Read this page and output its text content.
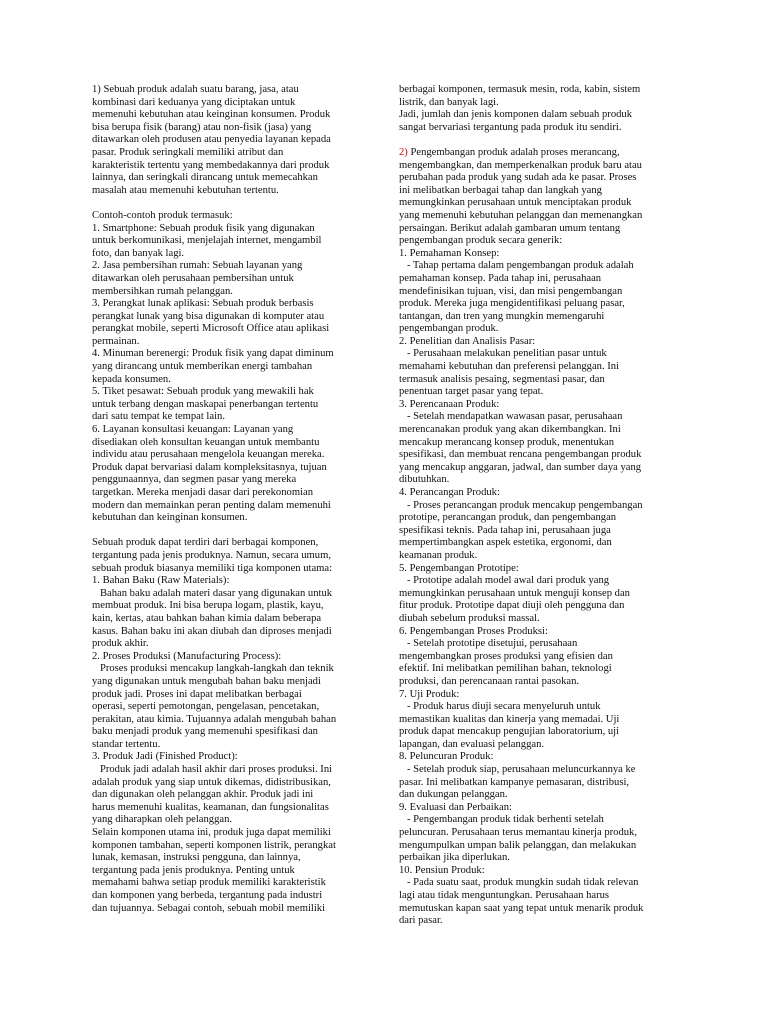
1) Sebuah produk adalah suatu barang, jasa, atau
kombinasi dari keduanya yang diciptakan untuk
memenuhi kebutuhan atau keinginan konsumen. Produk
bisa berupa fisik (barang) atau non-fisik (jasa) yang
ditawarkan oleh produsen atau penyedia layanan kepada
pasar. Produk seringkali memiliki atribut dan
karakteristik tertentu yang membedakannya dari produk
lainnya, dan seringkali dirancang untuk memecahkan
masalah atau memenuhi kebutuhan tertentu.
Contoh-contoh produk termasuk:
1. Smartphone: Sebuah produk fisik yang digunakan
untuk berkomunikasi, menjelajah internet, mengambil
foto, dan banyak lagi.
2. Jasa pembersihan rumah: Sebuah layanan yang
ditawarkan oleh perusahaan pembersihan untuk
membersihkan rumah pelanggan.
3. Perangkat lunak aplikasi: Sebuah produk berbasis
perangkat lunak yang bisa digunakan di komputer atau
perangkat mobile, seperti Microsoft Office atau aplikasi
permainan.
4. Minuman berenergi: Produk fisik yang dapat diminum
yang dirancang untuk memberikan energi tambahan
kepada konsumen.
5. Tiket pesawat: Sebuah produk yang mewakili hak
untuk terbang dengan maskapai penerbangan tertentu
dari satu tempat ke tempat lain.
6. Layanan konsultasi keuangan: Layanan yang
disediakan oleh konsultan keuangan untuk membantu
individu atau perusahaan mengelola keuangan mereka.
Produk dapat bervariasi dalam kompleksitasnya, tujuan
penggunaannya, dan segmen pasar yang mereka
targetkan. Mereka menjadi dasar dari perekonomian
modern dan memainkan peran penting dalam memenuhi
kebutuhan dan keinginan konsumen.
Sebuah produk dapat terdiri dari berbagai komponen,
tergantung pada jenis produknya. Namun, secara umum,
sebuah produk biasanya memiliki tiga komponen utama:
1. Bahan Baku (Raw Materials):
Bahan baku adalah materi dasar yang digunakan untuk
membuat produk. Ini bisa berupa logam, plastik, kayu,
kain, kertas, atau bahkan bahan kimia dalam beberapa
kasus. Bahan baku ini akan diubah dan diproses menjadi
produk akhir.
2. Proses Produksi (Manufacturing Process):
Proses produksi mencakup langkah-langkah dan teknik
yang digunakan untuk mengubah bahan baku menjadi
produk jadi. Proses ini dapat melibatkan berbagai
operasi, seperti pemotongan, pengelasan, pencetakan,
perakitan, atau kimia. Tujuannya adalah mengubah bahan
baku menjadi produk yang memenuhi spesifikasi dan
standar tertentu.
3. Produk Jadi (Finished Product):
Produk jadi adalah hasil akhir dari proses produksi. Ini
adalah produk yang siap untuk dikemas, didistribusikan,
dan digunakan oleh pelanggan akhir. Produk jadi ini
harus memenuhi kualitas, keamanan, dan fungsionalitas
yang diharapkan oleh pelanggan.
Selain komponen utama ini, produk juga dapat memiliki
komponen tambahan, seperti komponen listrik, perangkat
lunak, kemasan, instruksi pengguna, dan lainnya,
tergantung pada jenis produknya. Penting untuk
memahami bahwa setiap produk memiliki karakteristik
dan komponen yang berbeda, tergantung pada industri
dan tujuannya. Sebagai contoh, sebuah mobil memiliki
berbagai komponen, termasuk mesin, roda, kabin, sistem
listrik, dan banyak lagi.
Jadi, jumlah dan jenis komponen dalam sebuah produk
sangat bervariasi tergantung pada produk itu sendiri.
2) Pengembangan produk adalah proses merancang,
mengembangkan, dan memperkenalkan produk baru atau
perubahan pada produk yang sudah ada ke pasar. Proses
ini melibatkan berbagai tahap dan langkah yang
memungkinkan perusahaan untuk menciptakan produk
yang memenuhi kebutuhan pelanggan dan memenangkan
persaingan. Berikut adalah gambaran umum tentang
pengembangan produk secara generik:
1. Pemahaman Konsep:
- Tahap pertama dalam pengembangan produk adalah
pemahaman konsep. Pada tahap ini, perusahaan
mendefinisikan tujuan, visi, dan misi pengembangan
produk. Mereka juga mengidentifikasi peluang pasar,
tantangan, dan tren yang mungkin memengaruhi
pengembangan produk.
2. Penelitian dan Analisis Pasar:
- Perusahaan melakukan penelitian pasar untuk
memahami kebutuhan dan preferensi pelanggan. Ini
termasuk analisis pesaing, segmentasi pasar, dan
penentuan target pasar yang tepat.
3. Perencanaan Produk:
- Setelah mendapatkan wawasan pasar, perusahaan
merencanakan produk yang akan dikembangkan. Ini
mencakup merancang konsep produk, menentukan
spesifikasi, dan membuat rencana pengembangan produk
yang mencakup anggaran, jadwal, dan sumber daya yang
dibutuhkan.
4. Perancangan Produk:
- Proses perancangan produk mencakup pengembangan
prototipe, perancangan produk, dan pengembangan
spesifikasi teknis. Pada tahap ini, perusahaan juga
mempertimbangkan aspek estetika, ergonomi, dan
keamanan produk.
5. Pengembangan Prototipe:
- Prototipe adalah model awal dari produk yang
memungkinkan perusahaan untuk menguji konsep dan
fitur produk. Prototipe dapat diuji oleh pengguna dan
diubah sebelum produksi massal.
6. Pengembangan Proses Produksi:
- Setelah prototipe disetujui, perusahaan
mengembangkan proses produksi yang efisien dan
efektif. Ini melibatkan pemilihan bahan, teknologi
produksi, dan perencanaan rantai pasokan.
7. Uji Produk:
- Produk harus diuji secara menyeluruh untuk
memastikan kualitas dan kinerja yang memadai. Uji
produk dapat mencakup pengujian laboratorium, uji
lapangan, dan evaluasi pelanggan.
8. Peluncuran Produk:
- Setelah produk siap, perusahaan meluncurkannya ke
pasar. Ini melibatkan kampanye pemasaran, distribusi,
dan dukungan pelanggan.
9. Evaluasi dan Perbaikan:
- Pengembangan produk tidak berhenti setelah
peluncuran. Perusahaan terus memantau kinerja produk,
mengumpulkan umpan balik pelanggan, dan melakukan
perbaikan jika diperlukan.
10. Pensiun Produk:
- Pada suatu saat, produk mungkin sudah tidak relevan
lagi atau tidak menguntungkan. Perusahaan harus
memutuskan kapan saat yang tepat untuk menarik produk
dari pasar.
